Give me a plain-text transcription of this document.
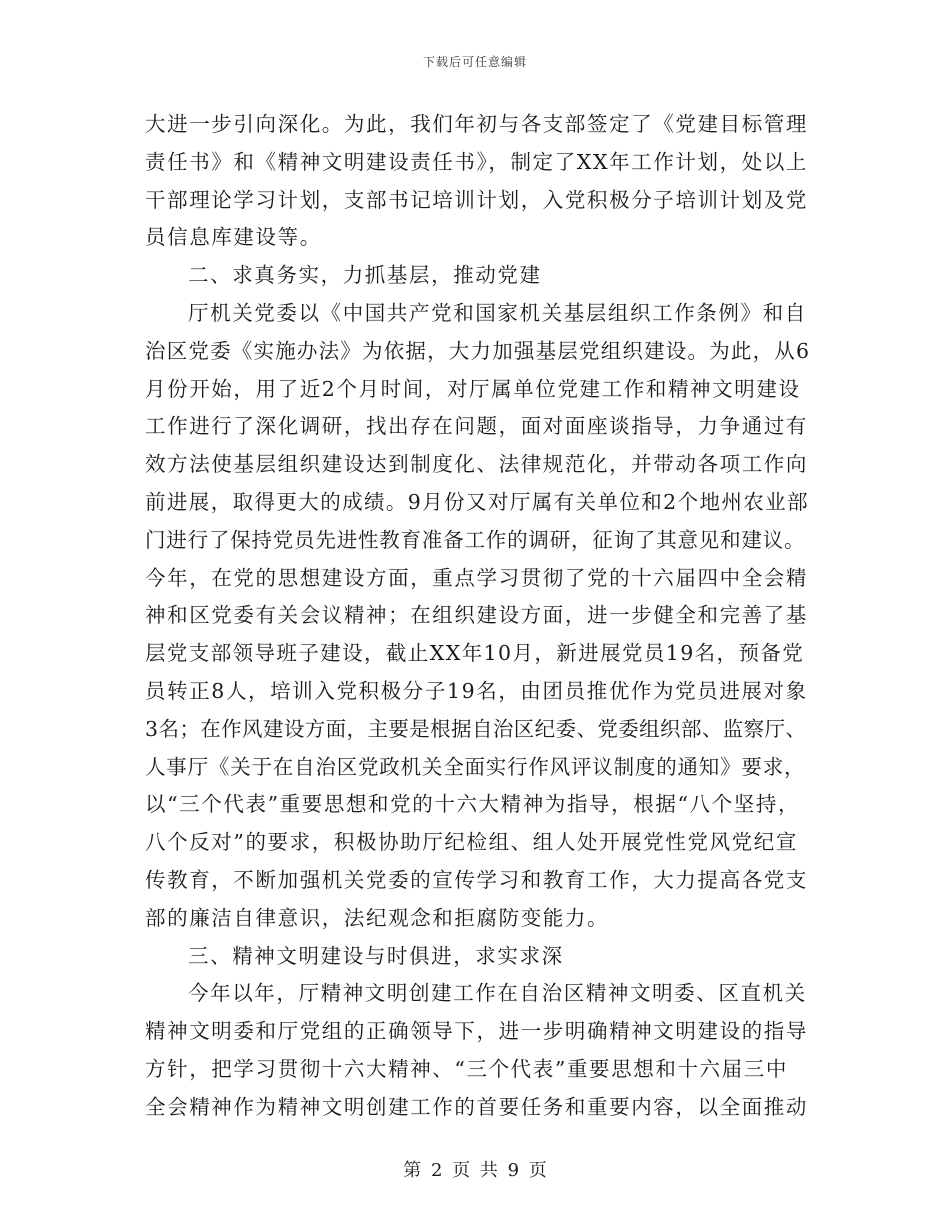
下载后可任意编辑
大进一步引向深化。为此，我们年初与各支部签定了《党建目标管理
责任书》和《精神文明建设责任书》，制定了XX年工作计划，处以上
干部理论学习计划，支部书记培训计划，入党积极分子培训计划及党
员信息库建设等。
二、求真务实，力抓基层，推动党建
厅机关党委以《中国共产党和国家机关基层组织工作条例》和自
治区党委《实施办法》为依据，大力加强基层党组织建设。为此，从6
月份开始，用了近2个月时间，对厅属单位党建工作和精神文明建设
工作进行了深化调研，找出存在问题，面对面座谈指导，力争通过有
效方法使基层组织建设达到制度化、法律规范化，并带动各项工作向
前进展，取得更大的成绩。9月份又对厅属有关单位和2个地州农业部
门进行了保持党员先进性教育准备工作的调研，征询了其意见和建议。
今年，在党的思想建设方面，重点学习贯彻了党的十六届四中全会精
神和区党委有关会议精神；在组织建设方面，进一步健全和完善了基
层党支部领导班子建设，截止XX年10月，新进展党员19名，预备党
员转正8人，培训入党积极分子19名，由团员推优作为党员进展对象
3名；在作风建设方面，主要是根据自治区纪委、党委组织部、监察厅、
人事厅《关于在自治区党政机关全面实行作风评议制度的通知》要求，
以“三个代表”重要思想和党的十六大精神为指导，根据“八个坚持，
八个反对”的要求，积极协助厅纪检组、组人处开展党性党风党纪宣
传教育，不断加强机关党委的宣传学习和教育工作，大力提高各党支
部的廉洁自律意识，法纪观念和拒腐防变能力。
三、精神文明建设与时俱进，求实求深
今年以年，厅精神文明创建工作在自治区精神文明委、区直机关
精神文明委和厅党组的正确领导下，进一步明确精神文明建设的指导
方针，把学习贯彻十六大精神、“三个代表”重要思想和十六届三中
全会精神作为精神文明创建工作的首要任务和重要内容，以全面推动
第 2 页 共 9 页
